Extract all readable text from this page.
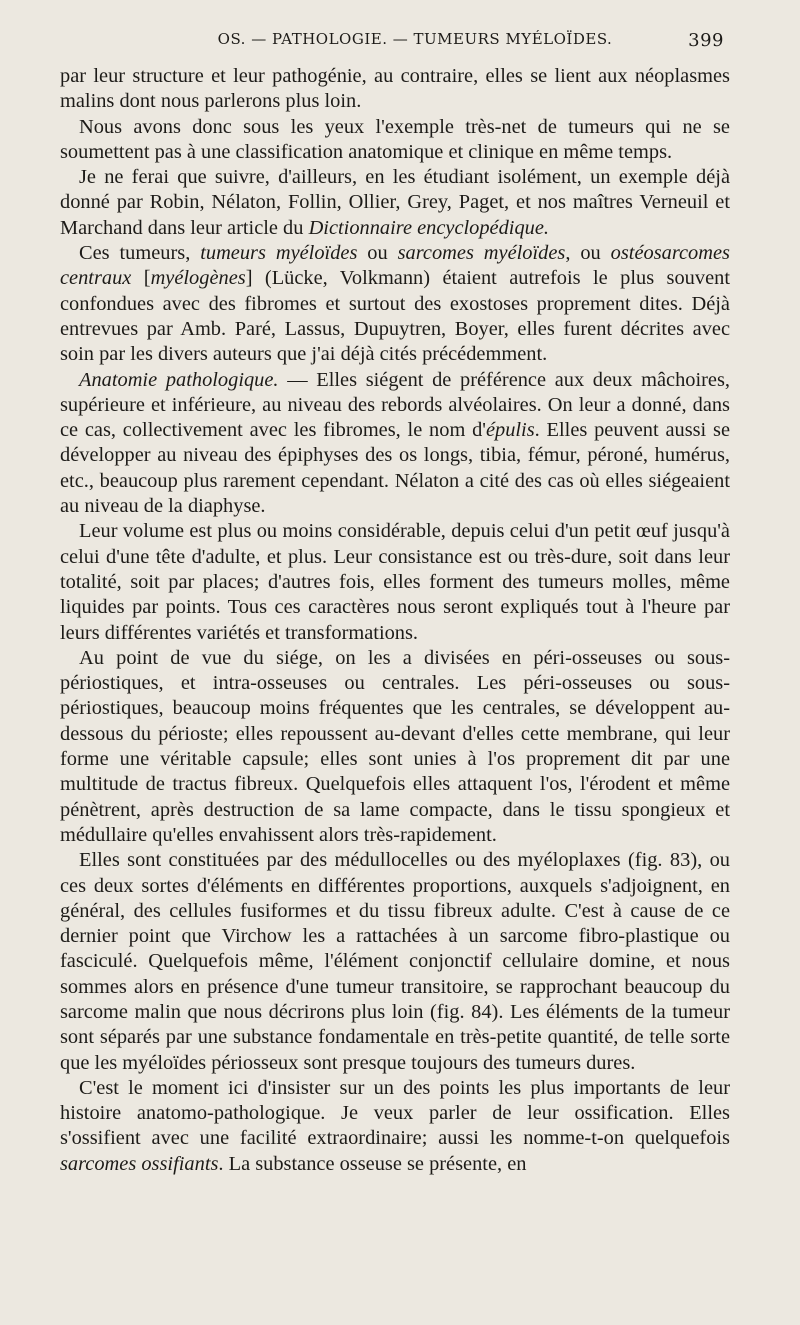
OS. — PATHOLOGIE. — TUMEURS MYÉLOÏDES.	399

par leur structure et leur pathogénie, au contraire, elles se lient aux néoplasmes malins dont nous parlerons plus loin.

Nous avons donc sous les yeux l'exemple très-net de tumeurs qui ne se soumettent pas à une classification anatomique et clinique en même temps.

Je ne ferai que suivre, d'ailleurs, en les étudiant isolément, un exemple déjà donné par Robin, Nélaton, Follin, Ollier, Grey, Paget, et nos maîtres Verneuil et Marchand dans leur article du Dictionnaire encyclopédique.

Ces tumeurs, tumeurs myéloïdes ou sarcomes myéloïdes, ou ostéosarcomes centraux [myélogènes] (Lücke, Volkmann) étaient autrefois le plus souvent confondues avec des fibromes et surtout des exostoses proprement dites. Déjà entrevues par Amb. Paré, Lassus, Dupuytren, Boyer, elles furent décrites avec soin par les divers auteurs que j'ai déjà cités précédemment.

Anatomie pathologique. — Elles siégent de préférence aux deux mâchoires, supérieure et inférieure, au niveau des rebords alvéolaires. On leur a donné, dans ce cas, collectivement avec les fibromes, le nom d'épulis. Elles peuvent aussi se développer au niveau des épiphyses des os longs, tibia, fémur, péroné, humérus, etc., beaucoup plus rarement cependant. Nélaton a cité des cas où elles siégeaient au niveau de la diaphyse.

Leur volume est plus ou moins considérable, depuis celui d'un petit œuf jusqu'à celui d'une tête d'adulte, et plus. Leur consistance est ou très-dure, soit dans leur totalité, soit par places; d'autres fois, elles forment des tumeurs molles, même liquides par points. Tous ces caractères nous seront expliqués tout à l'heure par leurs différentes variétés et transformations.

Au point de vue du siége, on les a divisées en péri-osseuses ou sous-périostiques, et intra-osseuses ou centrales. Les péri-osseuses ou sous-périostiques, beaucoup moins fréquentes que les centrales, se développent au-dessous du périoste; elles repoussent au-devant d'elles cette membrane, qui leur forme une véritable capsule; elles sont unies à l'os proprement dit par une multitude de tractus fibreux. Quelquefois elles attaquent l'os, l'érodent et même pénètrent, après destruction de sa lame compacte, dans le tissu spongieux et médullaire qu'elles envahissent alors très-rapidement.

Elles sont constituées par des médullocelles ou des myéloplaxes (fig. 83), ou ces deux sortes d'éléments en différentes proportions, auxquels s'adjoignent, en général, des cellules fusiformes et du tissu fibreux adulte. C'est à cause de ce dernier point que Virchow les a rattachées à un sarcome fibro-plastique ou fasciculé. Quelquefois même, l'élément conjonctif cellulaire domine, et nous sommes alors en présence d'une tumeur transitoire, se rapprochant beaucoup du sarcome malin que nous décrirons plus loin (fig. 84). Les éléments de la tumeur sont séparés par une substance fondamentale en très-petite quantité, de telle sorte que les myéloïdes périosseux sont presque toujours des tumeurs dures.

C'est le moment ici d'insister sur un des points les plus importants de leur histoire anatomo-pathologique. Je veux parler de leur ossification. Elles s'ossifient avec une facilité extraordinaire; aussi les nomme-t-on quelquefois sarcomes ossifiants. La substance osseuse se présente, en
